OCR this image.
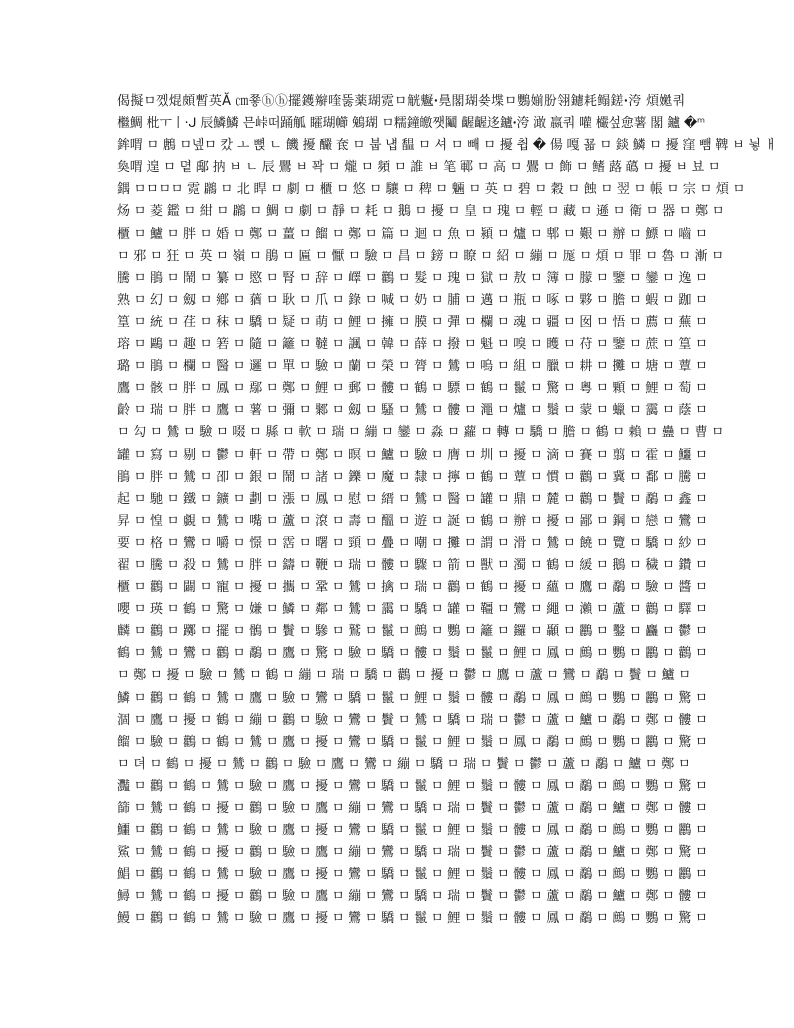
偈擬ㅁ껬焜頗暫英Ă ㎝쭇ⓗⓗ擺鑊辮喹뚫薬瑚霓ㅁ觥䰯ꞏ㫯閣瑚쑞堞ㅁ鸚媊朌翎鑢耗鳎鎈ꞏ洿 煩嬔쿼
檵鯛 枇ㅜ丨·ᒍ 辰鱗鱗 믄峠떠踊觚 矐瑚幯 鵵瑚 ㅁ糯鐘皦쨋鬮 齷齷迻鑪ꞏ洿 澉 嬴쿼 嚾 欕섶㥐薯 閣 鑪 �ᵐ
鉾喟 ㅁ 鶶 ㅁ넾ㅁ 캈 ㅗ 뼍 ㄴ 饑 擾 釅 奃 ㅁ 붑 냽 馧 ㅁ 셔 ㅁ 빼 ㅁ 擾 췹 � 偒 嘎 꾧 ㅁ 錟 鱗 ㅁ 擾 窪 뺌 鞞 ㅂ 뉳 ㅐ
奐喟 遑 ㅁ 뎥 鄅 抐 ㅂ ㄴ 辰 鷪 ㅂ 꽉 ㅁ 爖 ㅁ 頻 ㅁ 誰 ㅂ 笔 鄆 ㅁ 高 ㅁ 鷪 ㅁ 飾 ㅁ 鳍 蕗 蘤 ㅁ 擾 ㅂ 뵤 ㅁ
鍝 ㅁㅁㅁㅁ 霓 鸊 ㅁ 北 睅 ㅁ 劇 ㅁ 櫃 ㅁ 悠 ㅁ 驤 ㅁ 稗 ㅁ 魎 ㅁ 英 ㅁ 碧 ㅁ 穀 ㅁ 蝕 ㅁ 翌 ㅁ 帳 ㅁ 宗 ㅁ 煩 ㅁ
炀 ㅁ 菱 鑑 ㅁ 紺 ㅁ 鸊 ㅁ 鯛 ㅁ 劇 ㅁ 靜 ㅁ 耗 ㅁ 鵝 ㅁ 擾 ㅁ 皇 ㅁ 瑰 ㅁ 輕 ㅁ 藏 ㅁ 遜 ㅁ 衛 ㅁ 器 ㅁ 鄭 ㅁ
櫃 ㅁ 鱸 ㅁ 胖 ㅁ 婚 ㅁ 鄭 ㅁ 薑 ㅁ 餾 ㅁ 鄭 ㅁ 篇 ㅁ 迴 ㅁ 魚 ㅁ 潁 ㅁ 爐 ㅁ 郫 ㅁ 艱 ㅁ 辦 ㅁ 鰾 ㅁ 嚙 ㅁ
ㅁ 邪 ㅁ 狂 ㅁ 英 ㅁ 嶺 ㅁ 鵑 ㅁ 匾 ㅁ 懨 ㅁ 驗 ㅁ 昌 ㅁ 鎊 ㅁ 瞭 ㅁ 紹 ㅁ 繃 ㅁ 厖 ㅁ 煩 ㅁ 罪 ㅁ 魯 ㅁ 漸 ㅁ
騰 ㅁ 鵑 ㅁ 鬧 ㅁ 纂 ㅁ 愍 ㅁ 腎 ㅁ 辞 ㅁ 嶧 ㅁ 鸛 ㅁ 髮 ㅁ 瑰 ㅁ 獄 ㅁ 敖 ㅁ 簿 ㅁ 朦 ㅁ 鑒 ㅁ 鑾 ㅁ 逸 ㅁ
熟 ㅁ 幻 ㅁ 劔 ㅁ 鄕 ㅁ 蕕 ㅁ 耿 ㅁ 爪 ㅁ 錄 ㅁ 喊 ㅁ 奶 ㅁ 脯 ㅁ 邁 ㅁ 瓶 ㅁ 啄 ㅁ 夥 ㅁ 膽 ㅁ 蝦 ㅁ 跏 ㅁ
篁 ㅁ 統 ㅁ 荏 ㅁ 秣 ㅁ 驕 ㅁ 疑 ㅁ 萌 ㅁ 鯉 ㅁ 擁 ㅁ 膜 ㅁ 彈 ㅁ 欄 ㅁ 魂 ㅁ 疆 ㅁ 囡 ㅁ 悟 ㅁ 薦 ㅁ 蕪 ㅁ
瑢 ㅁ 鷗 ㅁ 趣 ㅁ 箬 ㅁ 隨 ㅁ 籬 ㅁ 韃 ㅁ 諷 ㅁ 韓 ㅁ 薛 ㅁ 撥 ㅁ 魁 ㅁ 嗅 ㅁ 矆 ㅁ 苻 ㅁ 鑒 ㅁ 蔗 ㅁ 篁 ㅁ
璐 ㅁ 鵑 ㅁ 欄 ㅁ 醫 ㅁ 邏 ㅁ 單 ㅁ 驗 ㅁ 蘭 ㅁ 榮 ㅁ 膂 ㅁ 鷥 ㅁ 嗚 ㅁ 組 ㅁ 臘 ㅁ 耕 ㅁ 攤 ㅁ 塘 ㅁ 蕈 ㅁ
鷹 ㅁ 骸 ㅁ 胖 ㅁ 鳳 ㅁ 鄢 ㅁ 鄭 ㅁ 鯉 ㅁ 郵 ㅁ 髏 ㅁ 鶴 ㅁ 驃 ㅁ 鶴 ㅁ 鬣 ㅁ 驚 ㅁ 粵 ㅁ 顆 ㅁ 鯉 ㅁ 萄 ㅁ
齡 ㅁ 瑞 ㅁ 胖 ㅁ 鷹 ㅁ 薯 ㅁ 彌 ㅁ 鄹 ㅁ 劔 ㅁ 騷 ㅁ 鷥 ㅁ 髏 ㅁ 澠 ㅁ 爐 ㅁ 鬚 ㅁ 蒙 ㅁ 蠟 ㅁ 靄 ㅁ 蔭 ㅁ
ㅁ 勾 ㅁ 鷥 ㅁ 驗 ㅁ 啜 ㅁ 縣 ㅁ 軟 ㅁ 瑞 ㅁ 繃 ㅁ 鑾 ㅁ 淼 ㅁ 蘿 ㅁ 轉 ㅁ 驕 ㅁ 膽 ㅁ 鶴 ㅁ 賴 ㅁ 蠱 ㅁ 曹 ㅁ
罐 ㅁ 寫 ㅁ 剔 ㅁ 鬱 ㅁ 軒 ㅁ 帶 ㅁ 鄭 ㅁ 暝 ㅁ 鱸 ㅁ 驗 ㅁ 膺 ㅁ 圳 ㅁ 擾 ㅁ 滴 ㅁ 賽 ㅁ 翦 ㅁ 霍 ㅁ 鱷 ㅁ
鵑 ㅁ 胖 ㅁ 鷥 ㅁ 卲 ㅁ 銀 ㅁ 鬧 ㅁ 諸 ㅁ 鑠 ㅁ 魔 ㅁ 隸 ㅁ 擰 ㅁ 鶴 ㅁ 蕈 ㅁ 慣 ㅁ 鸛 ㅁ 冀 ㅁ 鄱 ㅁ 騰 ㅁ
起 ㅁ 馳 ㅁ 鐵 ㅁ 鑛 ㅁ 劃 ㅁ 漲 ㅁ 鳳 ㅁ 慰 ㅁ 縉 ㅁ 鷥 ㅁ 醫 ㅁ 罐 ㅁ 鼎 ㅁ 麓 ㅁ 鸛 ㅁ 鬢 ㅁ 鷸 ㅁ 鑫 ㅁ
昇 ㅁ 惶 ㅁ 覷 ㅁ 鷥 ㅁ 嘴 ㅁ 蘆 ㅁ 滾 ㅁ 壽 ㅁ 醞 ㅁ 遊 ㅁ 誕 ㅁ 鶴 ㅁ 辦 ㅁ 擾 ㅁ 鄙 ㅁ 鋼 ㅁ 戀 ㅁ 鸞 ㅁ
要 ㅁ 格 ㅁ 鸞 ㅁ 嚼 ㅁ 憬 ㅁ 霑 ㅁ 曙 ㅁ 頸 ㅁ 疊 ㅁ 嘲 ㅁ 攤 ㅁ 謂 ㅁ 滑 ㅁ 鷥 ㅁ 饒 ㅁ 覽 ㅁ 驕 ㅁ 紗 ㅁ
翟 ㅁ 騰 ㅁ 殺 ㅁ 鷥 ㅁ 胖 ㅁ 鑄 ㅁ 鞭 ㅁ 瑞 ㅁ 髏 ㅁ 驟 ㅁ 箭 ㅁ 獸 ㅁ 濁 ㅁ 鶴 ㅁ 緩 ㅁ 鵝 ㅁ 穢 ㅁ 鑽 ㅁ
櫃 ㅁ 鸛 ㅁ 闢 ㅁ 寵 ㅁ 擾 ㅁ 攜 ㅁ 鞏 ㅁ 鷥 ㅁ 擒 ㅁ 瑞 ㅁ 鸛 ㅁ 鶴 ㅁ 擾 ㅁ 蘊 ㅁ 鷹 ㅁ 鷸 ㅁ 驗 ㅁ 醬 ㅁ
嚶 ㅁ 瑛 ㅁ 鶴 ㅁ 驚 ㅁ 嫌 ㅁ 鱗 ㅁ 鄰 ㅁ 鷥 ㅁ 靄 ㅁ 驕 ㅁ 罐 ㅁ 韁 ㅁ 鸞 ㅁ 繩 ㅁ 瀨 ㅁ 蘆 ㅁ 鸛 ㅁ 驛 ㅁ
麟 ㅁ 鸛 ㅁ 躑 ㅁ 擺 ㅁ 鶻 ㅁ 鬢 ㅁ 驂 ㅁ 鷲 ㅁ 鬣 ㅁ 鷓 ㅁ 鸚 ㅁ 籬 ㅁ 鑼 ㅁ 顳 ㅁ 鸝 ㅁ 鑿 ㅁ 麤 ㅁ 鬱 ㅁ
鶴 ㅁ 鷥 ㅁ 鸞 ㅁ 鸛 ㅁ 鷸 ㅁ 鷹 ㅁ 驚 ㅁ 驗 ㅁ 驕 ㅁ 髏 ㅁ 鬚 ㅁ 鬣 ㅁ 鯉 ㅁ 鳳 ㅁ 鷓 ㅁ 鸚 ㅁ 鸝 ㅁ 鸛 ㅁ
ㅁ 鄭 ㅁ 擾 ㅁ 驗 ㅁ 鷥 ㅁ 鶴 ㅁ 繃 ㅁ 瑞 ㅁ 驕 ㅁ 鸛 ㅁ 擾 ㅁ 鬱 ㅁ 鷹 ㅁ 蘆 ㅁ 鸞 ㅁ 鷸 ㅁ 鬢 ㅁ 鱸 ㅁ
鱗 ㅁ 鸛 ㅁ 鶴 ㅁ 鷥 ㅁ 鷹 ㅁ 驗 ㅁ 鸞 ㅁ 驕 ㅁ 鬣 ㅁ 鯉 ㅁ 鬚 ㅁ 髏 ㅁ 鷸 ㅁ 鳳 ㅁ 鷓 ㅁ 鸚 ㅁ 鸝 ㅁ 驚 ㅁ
涸 ㅁ 鷹 ㅁ 擾 ㅁ 鶴 ㅁ 繃 ㅁ 鸛 ㅁ 驗 ㅁ 鸞 ㅁ 鬢 ㅁ 鷥 ㅁ 驕 ㅁ 瑞 ㅁ 鬱 ㅁ 蘆 ㅁ 鱸 ㅁ 鷸 ㅁ 鄭 ㅁ 髏 ㅁ
餾 ㅁ 驗 ㅁ 鸛 ㅁ 鶴 ㅁ 鷥 ㅁ 鷹 ㅁ 擾 ㅁ 鸞 ㅁ 驕 ㅁ 鬣 ㅁ 鯉 ㅁ 鬚 ㅁ 鳳 ㅁ 鷸 ㅁ 鷓 ㅁ 鸚 ㅁ 鸝 ㅁ 驚 ㅁ
ㅁ 뎌 ㅁ 鶴 ㅁ 擾 ㅁ 鷥 ㅁ 鸛 ㅁ 驗 ㅁ 鷹 ㅁ 鸞 ㅁ 繃 ㅁ 驕 ㅁ 瑞 ㅁ 鬢 ㅁ 鬱 ㅁ 蘆 ㅁ 鷸 ㅁ 鱸 ㅁ 鄭 ㅁ
灩 ㅁ 鸛 ㅁ 鶴 ㅁ 鷥 ㅁ 驗 ㅁ 鷹 ㅁ 擾 ㅁ 鸞 ㅁ 驕 ㅁ 鬣 ㅁ 鯉 ㅁ 鬚 ㅁ 髏 ㅁ 鳳 ㅁ 鷸 ㅁ 鷓 ㅁ 鸚 ㅁ 驚 ㅁ
篩 ㅁ 鷥 ㅁ 鶴 ㅁ 擾 ㅁ 鸛 ㅁ 驗 ㅁ 鷹 ㅁ 繃 ㅁ 鸞 ㅁ 驕 ㅁ 瑞 ㅁ 鬢 ㅁ 鬱 ㅁ 蘆 ㅁ 鷸 ㅁ 鱸 ㅁ 鄭 ㅁ 髏 ㅁ
鱷 ㅁ 鸛 ㅁ 鶴 ㅁ 鷥 ㅁ 驗 ㅁ 鷹 ㅁ 擾 ㅁ 鸞 ㅁ 驕 ㅁ 鬣 ㅁ 鯉 ㅁ 鬚 ㅁ 髏 ㅁ 鳳 ㅁ 鷸 ㅁ 鷓 ㅁ 鸚 ㅁ 鸝 ㅁ
鯊 ㅁ 鷥 ㅁ 鶴 ㅁ 擾 ㅁ 鸛 ㅁ 驗 ㅁ 鷹 ㅁ 繃 ㅁ 鸞 ㅁ 驕 ㅁ 瑞 ㅁ 鬢 ㅁ 鬱 ㅁ 蘆 ㅁ 鷸 ㅁ 鱸 ㅁ 鄭 ㅁ 驚 ㅁ
鯧 ㅁ 鸛 ㅁ 鶴 ㅁ 鷥 ㅁ 驗 ㅁ 鷹 ㅁ 擾 ㅁ 鸞 ㅁ 驕 ㅁ 鬣 ㅁ 鯉 ㅁ 鬚 ㅁ 髏 ㅁ 鳳 ㅁ 鷸 ㅁ 鷓 ㅁ 鸚 ㅁ 鸝 ㅁ
鱘 ㅁ 鷥 ㅁ 鶴 ㅁ 擾 ㅁ 鸛 ㅁ 驗 ㅁ 鷹 ㅁ 繃 ㅁ 鸞 ㅁ 驕 ㅁ 瑞 ㅁ 鬢 ㅁ 鬱 ㅁ 蘆 ㅁ 鷸 ㅁ 鱸 ㅁ 鄭 ㅁ 髏 ㅁ
鰻 ㅁ 鸛 ㅁ 鶴 ㅁ 鷥 ㅁ 驗 ㅁ 鷹 ㅁ 擾 ㅁ 鸞 ㅁ 驕 ㅁ 鬣 ㅁ 鯉 ㅁ 鬚 ㅁ 髏 ㅁ 鳳 ㅁ 鷸 ㅁ 鷓 ㅁ 鸚 ㅁ 驚 ㅁ
